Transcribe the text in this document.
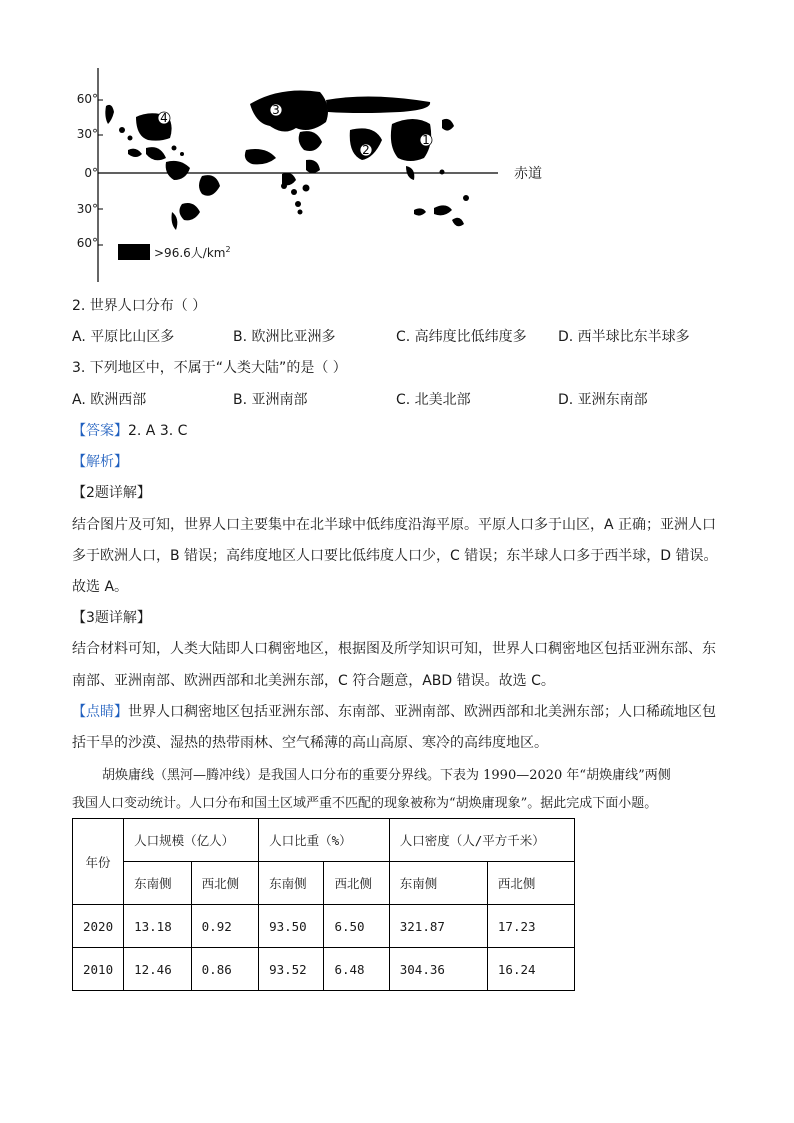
60°
30°
0°
30°
60°
赤道
1
2
3
4
>96.6人$/km^2$
2. 世界人口分布（ ）
A. 平原比山区多	B. 欧洲比亚洲多	C. 高纬度比低纬度多 D. 西半球比东半球多
3. 下列地区中，不属于“人类大陆”的是（ ）
A. 欧洲西部	B. 亚洲南部	C. 北美北部	D. 亚洲东南部
【答案】2. A 3. C
【解析】
【2题详解】
结合图片及可知，世界人口主要集中在北半球中低纬度沿海平原。平原人口多于山区，A 正确；亚洲人口
多于欧洲人口，B 错误；高纬度地区人口要比低纬度人口少，C 错误；东半球人口多于西半球，D 错误。
故选 A。
【3题详解】
结合材料可知，人类大陆即人口稠密地区，根据图及所学知识可知，世界人口稠密地区包括亚洲东部、东
南部、亚洲南部、欧洲西部和北美洲东部，C 符合题意，ABD 错误。故选 C。
【点睛】世界人口稠密地区包括亚洲东部、东南部、亚洲南部、欧洲西部和北美洲东部；人口稀疏地区包
括干旱的沙漠、湿热的热带雨林、空气稀薄的高山高原、寒冷的高纬度地区。
胡焕庸线（黑河—腾冲线）是我国人口分布的重要分界线。下表为 1990—2020 年“胡焕庸线”两侧
我国人口变动统计。人口分布和国土区域严重不匹配的现象被称为“胡焕庸现象”。据此完成下面小题。
年份	人口规模（亿人）		人口比重（%）		人口密度（人/平方千米）	
	东南侧	西北侧	东南侧	西北侧	东南侧	西北侧
2020	13.18	0.92	93.50	6.50	321.87	17.23
2010	12.46	0.86	93.52	6.48	304.36	16.24
